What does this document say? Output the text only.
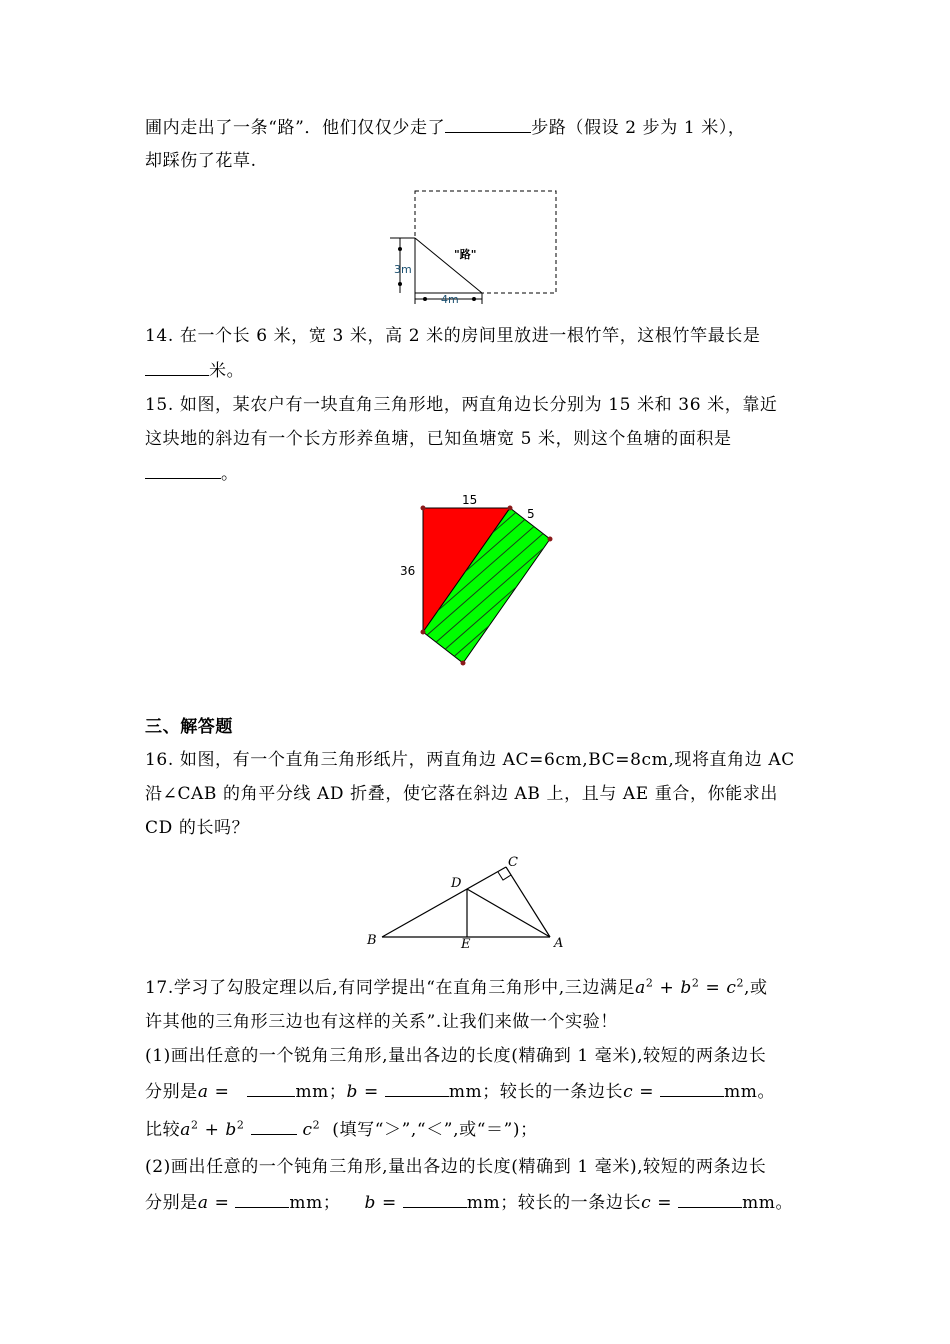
圃内走出了一条“路”．他们仅仅少走了	步路（假设 2 步为 1 米），
却踩伤了花草.
"路"
3m
4m
14. 在一个长 6 米，宽 3 米，高 2 米的房间里放进一根竹竿，这根竹竿最长是
米。
15. 如图，某农户有一块直角三角形地，两直角边长分别为 15 米和 36 米，靠近
这块地的斜边有一个长方形养鱼塘，已知鱼塘宽 5 米，则这个鱼塘的面积是
。
15
36
5
三、解答题
16. 如图，有一个直角三角形纸片，两直角边 AC=6cm,BC=8cm,现将直角边 AC
沿∠CAB 的角平分线 AD 折叠，使它落在斜边 AB 上，且与 AE 重合，你能求出
CD 的长吗？
B	E	A
D
C
17.学习了勾股定理以后,有同学提出“在直角三角形中,三边满足$a^2 + b^2 = c^2$,或
许其他的三角形三边也有这样的关系”.让我们来做一个实验！
(1)画出任意的一个锐角三角形,量出各边的长度(精确到 1 毫米),较短的两条边长
分别是a =	mm；b =	mm；较长的一条边长c =	mm。
比较$a^2 + b^2$	$c^2$ (填写“＞”,“＜”,或“＝”)；
(2)画出任意的一个钝角三角形,量出各边的长度(精确到 1 毫米),较短的两条边长
分别是a =	mm； b =	mm；较长的一条边长c =	mm。
